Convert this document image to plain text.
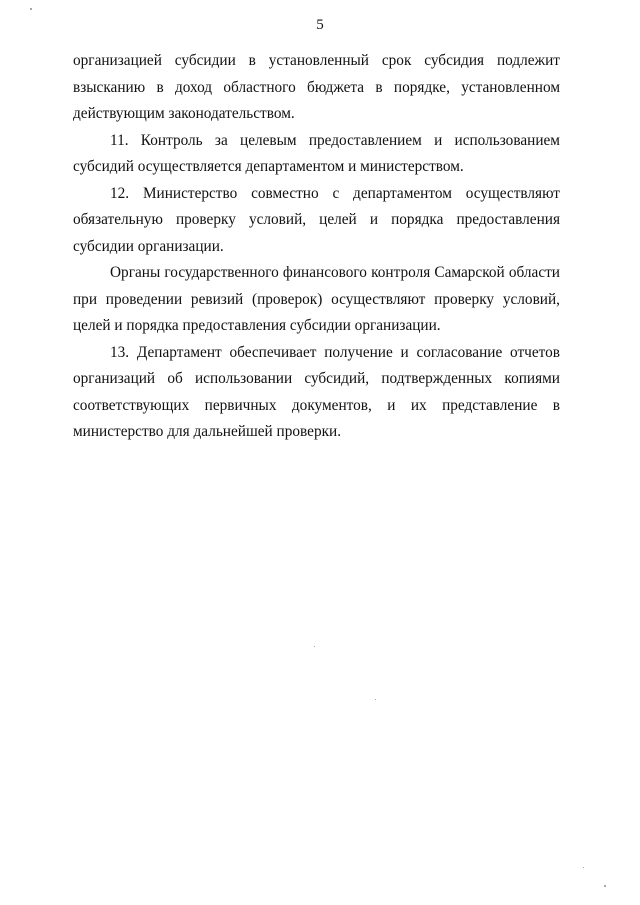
5

организацией субсидии в установленный срок субсидия подлежит взысканию в доход областного бюджета в порядке, установленном действующим законодательством.

11. Контроль за целевым предоставлением и использованием субсидий осуществляется департаментом и министерством.

12. Министерство совместно с департаментом осуществляют обязательную проверку условий, целей и порядка предоставления субсидии организации.

Органы государственного финансового контроля Самарской области при проведении ревизий (проверок) осуществляют проверку условий, целей и порядка предоставления субсидии организации.

13. Департамент обеспечивает получение и согласование отчетов организаций об использовании субсидий, подтвержденных копиями соответствующих первичных документов, и их представление в министерство для дальнейшей проверки.
